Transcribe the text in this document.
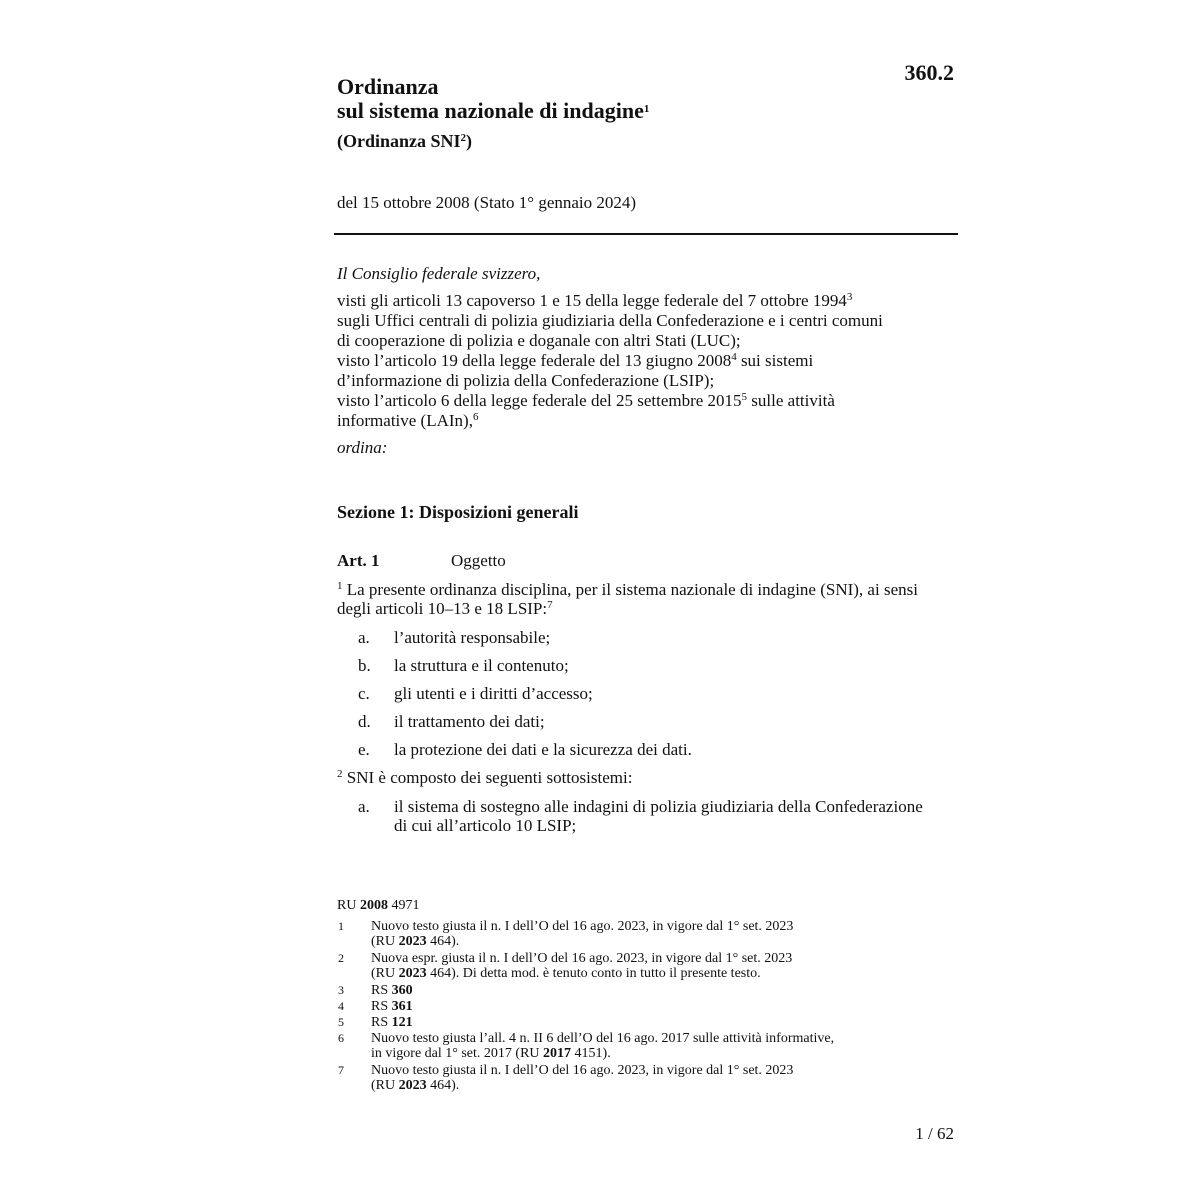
360.2
Ordinanza
sul sistema nazionale di indagine$^1$
(Ordinanza SNI$^2$)
del 15 ottobre 2008 (Stato 1° gennaio 2024)
Il Consiglio federale svizzero,
visti gli articoli 13 capoverso 1 e 15 della legge federale del 7 ottobre 1994$^3$
sugli Uffici centrali di polizia giudiziaria della Confederazione e i centri comuni
di cooperazione di polizia e doganale con altri Stati (LUC);
visto l’articolo 19 della legge federale del 13 giugno 2008$^4$ sui sistemi
d’informazione di polizia della Confederazione (LSIP);
visto l’articolo 6 della legge federale del 25 settembre 2015$^5$ sulle attività
informative (LAIn),$^6$
ordina:
Sezione 1: Disposizioni generali
Art. 1	Oggetto
$^1$ La presente ordinanza disciplina, per il sistema nazionale di indagine (SNI), ai sensi
degli articoli 10–13 e 18 LSIP:$^7$
a. l’autorità responsabile;
b. la struttura e il contenuto;
c. gli utenti e i diritti d’accesso;
d. il trattamento dei dati;
e. la protezione dei dati e la sicurezza dei dati.
$^2$ SNI è composto dei seguenti sottosistemi:
a. il sistema di sostegno alle indagini di polizia giudiziaria della Confederazione
di cui all’articolo 10 LSIP;
RU 2008 4971
1 Nuovo testo giusta il n. I dell’O del 16 ago. 2023, in vigore dal 1° set. 2023
(RU 2023 464).
2 Nuova espr. giusta il n. I dell’O del 16 ago. 2023, in vigore dal 1° set. 2023
(RU 2023 464). Di detta mod. è tenuto conto in tutto il presente testo.
3 RS 360
4 RS 361
5 RS 121
6 Nuovo testo giusta l’all. 4 n. II 6 dell’O del 16 ago. 2017 sulle attività informative,
in vigore dal 1° set. 2017 (RU 2017 4151).
7 Nuovo testo giusta il n. I dell’O del 16 ago. 2023, in vigore dal 1° set. 2023
(RU 2023 464).
1 / 62
